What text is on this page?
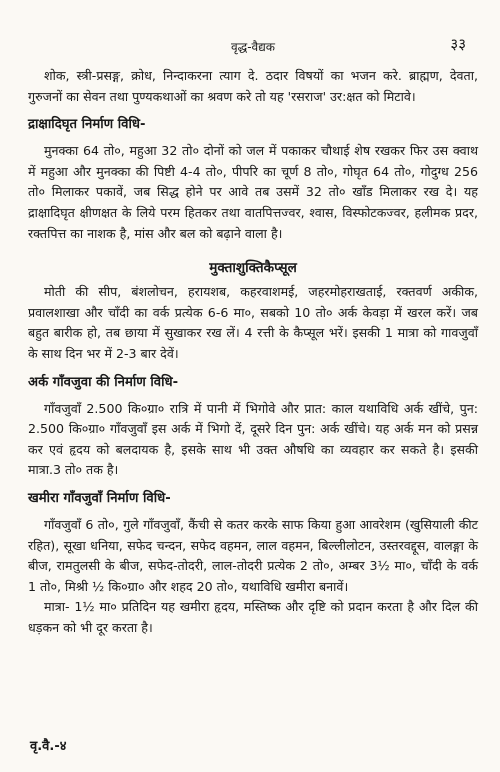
वृद्ध-वैद्यक	३३

शोक, स्त्री-प्रसङ्ग, क्रोध, निन्दाकरना त्याग दे. ठदार विषयों का भजन करे. ब्राह्मण, देवता, गुरुजनों का सेवन तथा पुण्यकथाओं का श्रवण करे तो यह 'रसराज' उर:क्षत को मिटावे।

द्राक्षादिघृत निर्माण विधि-

मुनक्का 64 तो०, महुआ 32 तो० दोनों को जल में पकाकर चौथाई शेष रखकर फिर उस क्वाथ में महुआ और मुनक्का की पिष्टी 4-4 तो०, पीपरि का चूर्ण 8 तो०, गोघृत 64 तो०, गोदुग्ध 256 तो० मिलाकर पकावें, जब सिद्ध होने पर आवे तब उसमें 32 तो० खाँड मिलाकर रख दे। यह द्राक्षादिघृत क्षीणक्षत के लिये परम हितकर तथा वातपित्तज्वर, श्वास, विस्फोटकज्वर, हलीमक प्रदर, रक्तपित्त का नाशक है, मांस और बल को बढ़ाने वाला है।

मुक्ताशुक्तिकैप्सूल

मोती की सीप, बंशलोचन, हरायशब, कहरवाशमई, जहरमोहराखताई, रक्तवर्ण अकीक, प्रवालशाखा और चाँदी का वर्क प्रत्येक 6-6 मा०, सबको 10 तो० अर्क केवड़ा में खरल करें। जब बहुत बारीक हो, तब छाया में सुखाकर रख लें। 4 रत्ती के कैप्सूल भरें। इसकी 1 मात्रा को गावजुवाँ के साथ दिन भर में 2-3 बार देवें।

अर्क गाँवजुवा की निर्माण विधि-

गाँवजुवाँ 2.500 कि०ग्रा० रात्रि में पानी में भिगोवे और प्रात: काल यथाविधि अर्क खींचे, पुन: 2.500 कि०ग्रा० गाँवजुवाँ इस अर्क में भिगो दें, दूसरे दिन पुन: अर्क खींचे। यह अर्क मन को प्रसन्न कर एवं हृदय को बलदायक है, इसके साथ भी उक्त औषधि का व्यवहार कर सकते है। इसकी मात्रा.3 तो० तक है।

खमीरा गाँवजुवाँ निर्माण विधि-

गाँवजुवाँ 6 तो०, गुले गाँवजुवाँ, कैंची से कतर करके साफ किया हुआ आवरेशम (खुसियाली कीट रहित), सूखा धनिया, सफेद चन्दन, सफेद वहमन, लाल वहमन, बिल्लीलोटन, उस्तरवद्दूस, वालङ्गा के बीज, रामतुलसी के बीज, सफेद-तोदरी, लाल-तोदरी प्रत्येक 2 तो०, अम्बर 3½ मा०, चाँदी के वर्क 1 तो०, मिश्री ½ कि०ग्रा० और शहद 20 तो०, यथाविधि खमीरा बनावें।

मात्रा- 1½ मा० प्रतिदिन यह खमीरा हृदय, मस्तिष्क और दृष्टि को प्रदान करता है और दिल की धड़कन को भी दूर करता है।

वृ.वै.-४
